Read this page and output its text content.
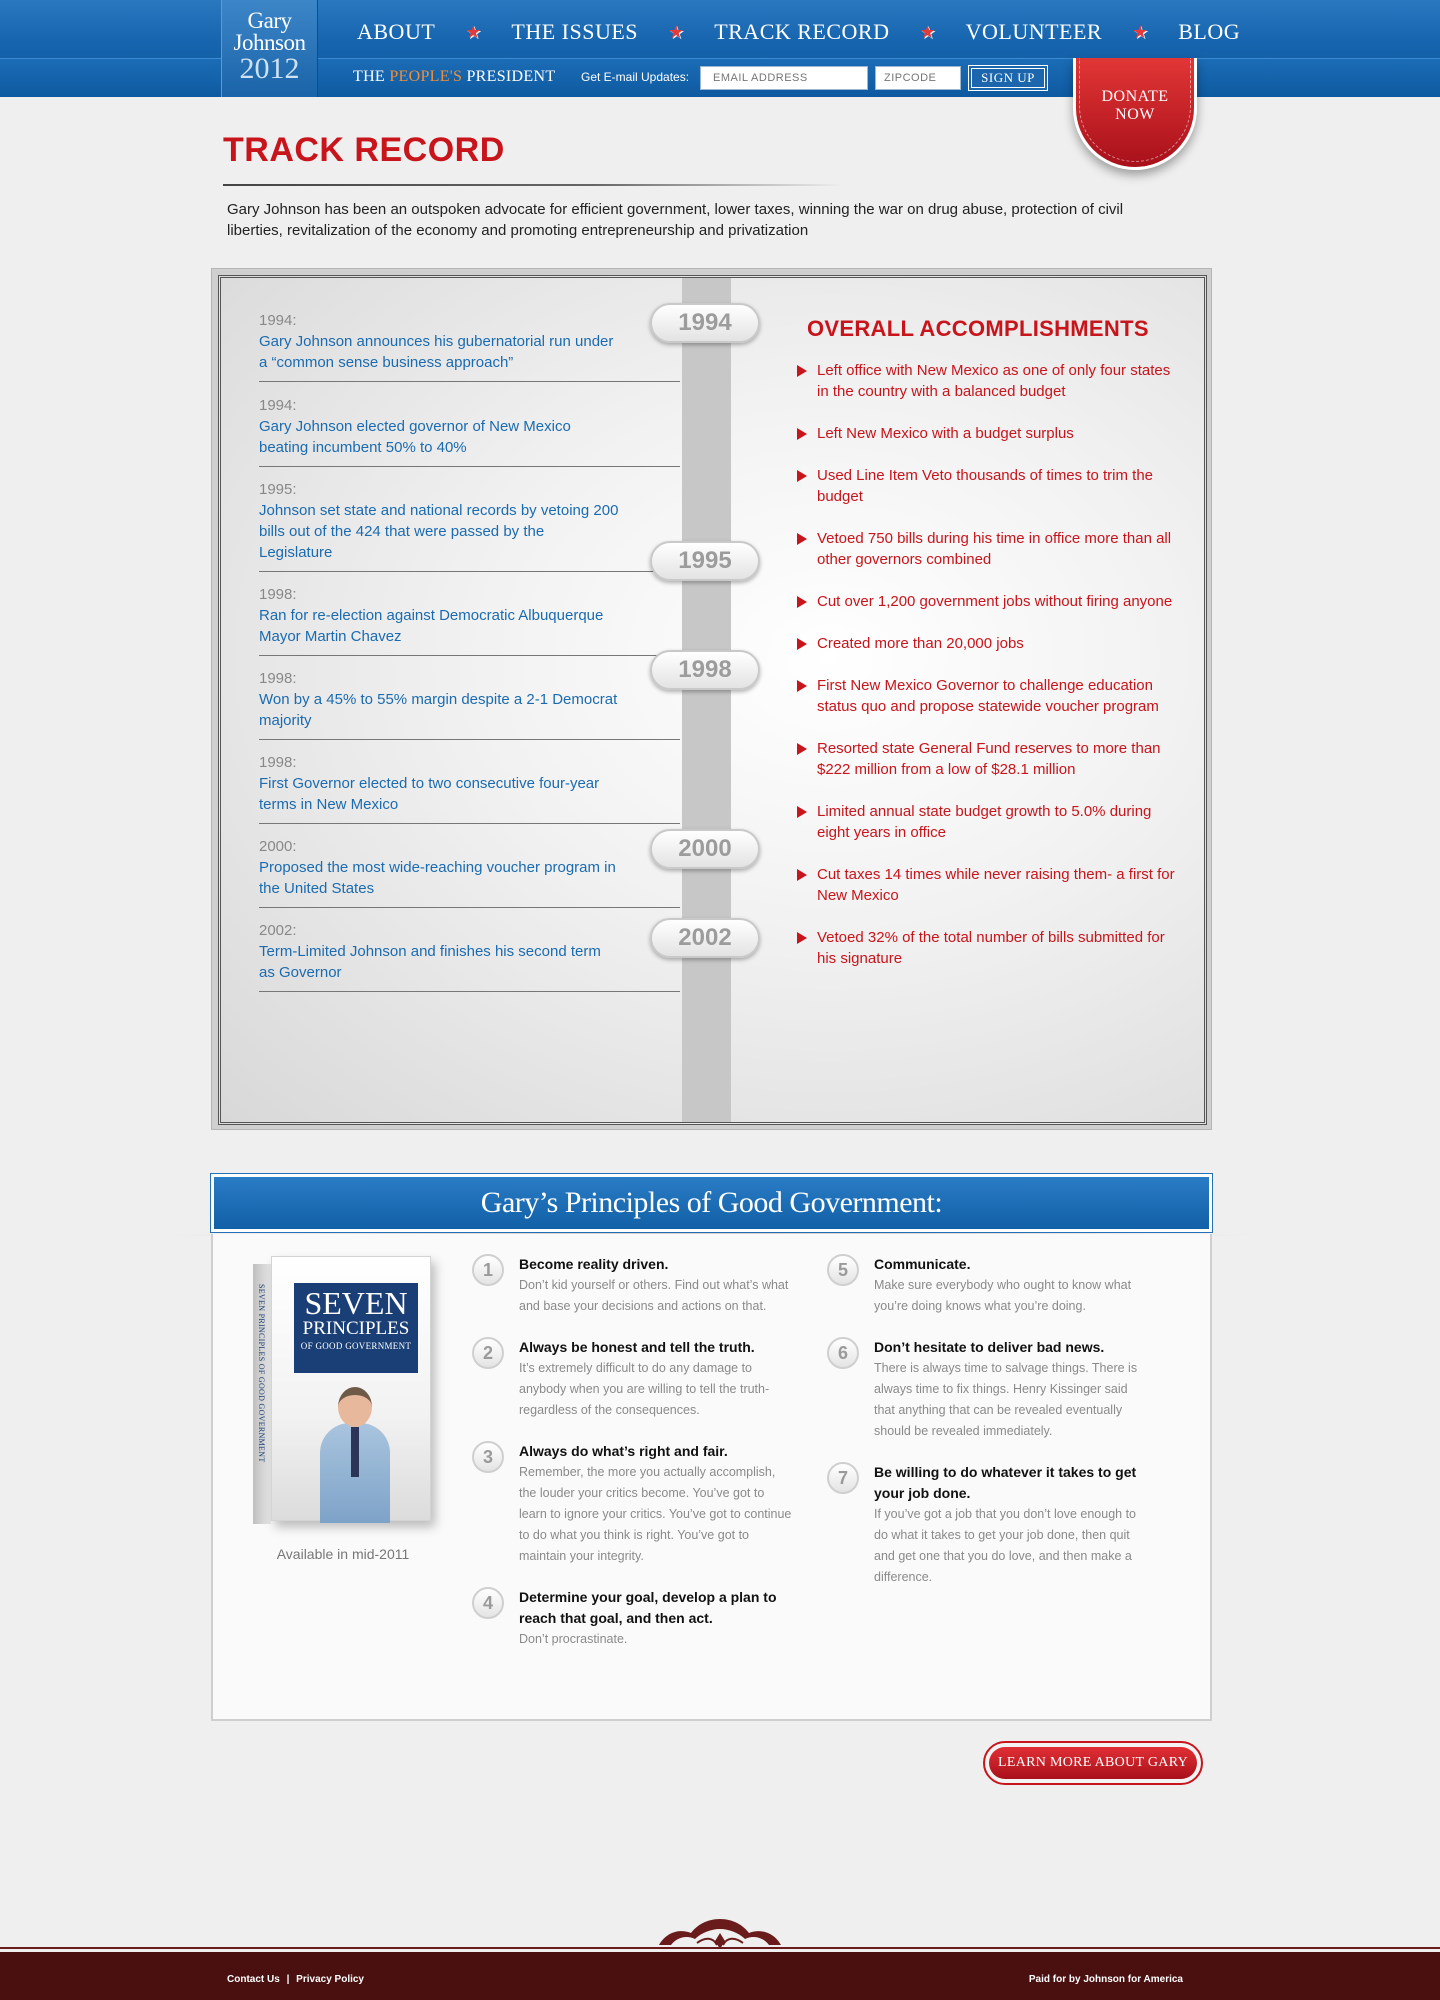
Gary
Johnson
2012
ABOUT ★ THE ISSUES ★ TRACK RECORD ★ VOLUNTEER ★ BLOG
THE PEOPLE'S PRESIDENT Get E-mail Updates:
EMAIL ADDRESS
ZIPCODE	SIGN UP
DONATE
NOW
TRACK RECORD

Gary Johnson has been an outspoken advocate for efficient government, lower taxes, winning the war on drug abuse, protection of civil liberties, revitalization of the economy and promoting entrepreneurship and privatization

1994:
Gary Johnson announces his gubernatorial run under a “common sense business approach”
1994:
Gary Johnson elected governor of New Mexico beating incumbent 50% to 40%
1995:
Johnson set state and national records by vetoing 200 bills out of the 424 that were passed by the Legislature
1998:
Ran for re-election against Democratic Albuquerque Mayor Martin Chavez
1998:
Won by a 45% to 55% margin despite a 2-1 Democrat majority
1998:
First Governor elected to two consecutive four-year terms in New Mexico
2000:
Proposed the most wide-reaching voucher program in the United States
2002:
Term-Limited Johnson and finishes his second term as Governor
1994
1995
1998
2000
2002
OVERALL ACCOMPLISHMENTS
Left office with New Mexico as one of only four states in the country with a balanced budget
Left New Mexico with a budget surplus
Used Line Item Veto thousands of times to trim the budget
Vetoed 750 bills during his time in office more than all other governors combined
Cut over 1,200 government jobs without firing anyone
Created more than 20,000 jobs
First New Mexico Governor to challenge education status quo and propose statewide voucher program
Resorted state General Fund reserves to more than $222 million from a low of $28.1 million
Limited annual state budget growth to 5.0% during eight years in office
Cut taxes 14 times while never raising them- a first for New Mexico
Vetoed 32% of the total number of bills submitted for his signature
Gary’s Principles of Good Government:
SEVEN PRINCIPLES OF GOOD GOVERNMENT	SEVEN
PRINCIPLES
OF GOOD GOVERNMENT
Available in mid-2011
1	Become reality driven.
Don’t kid yourself or others. Find out what’s what and base your decisions and actions on that.
2	Always be honest and tell the truth.
It’s extremely difficult to do any damage to anybody when you are willing to tell the truth-regardless of the consequences.
3	Always do what’s right and fair.
Remember, the more you actually accomplish, the louder your critics become. You’ve got to learn to ignore your critics. You’ve got to continue to do what you think is right. You’ve got to maintain your integrity.
4	Determine your goal, develop a plan to reach that goal, and then act.
Don’t procrastinate.
5	Communicate.
Make sure everybody who ought to know what you’re doing knows what you’re doing.
6	Don’t hesitate to deliver bad news.
There is always time to salvage things. There is always time to fix things. Henry Kissinger said that anything that can be revealed eventually should be revealed immediately.
7	Be willing to do whatever it takes to get your job done.
If you’ve got a job that you don’t love enough to do what it takes to get your job done, then quit and get one that you do love, and then make a difference.
LEARN MORE ABOUT GARY
Contact Us | Privacy Policy	Paid for by Johnson for America
